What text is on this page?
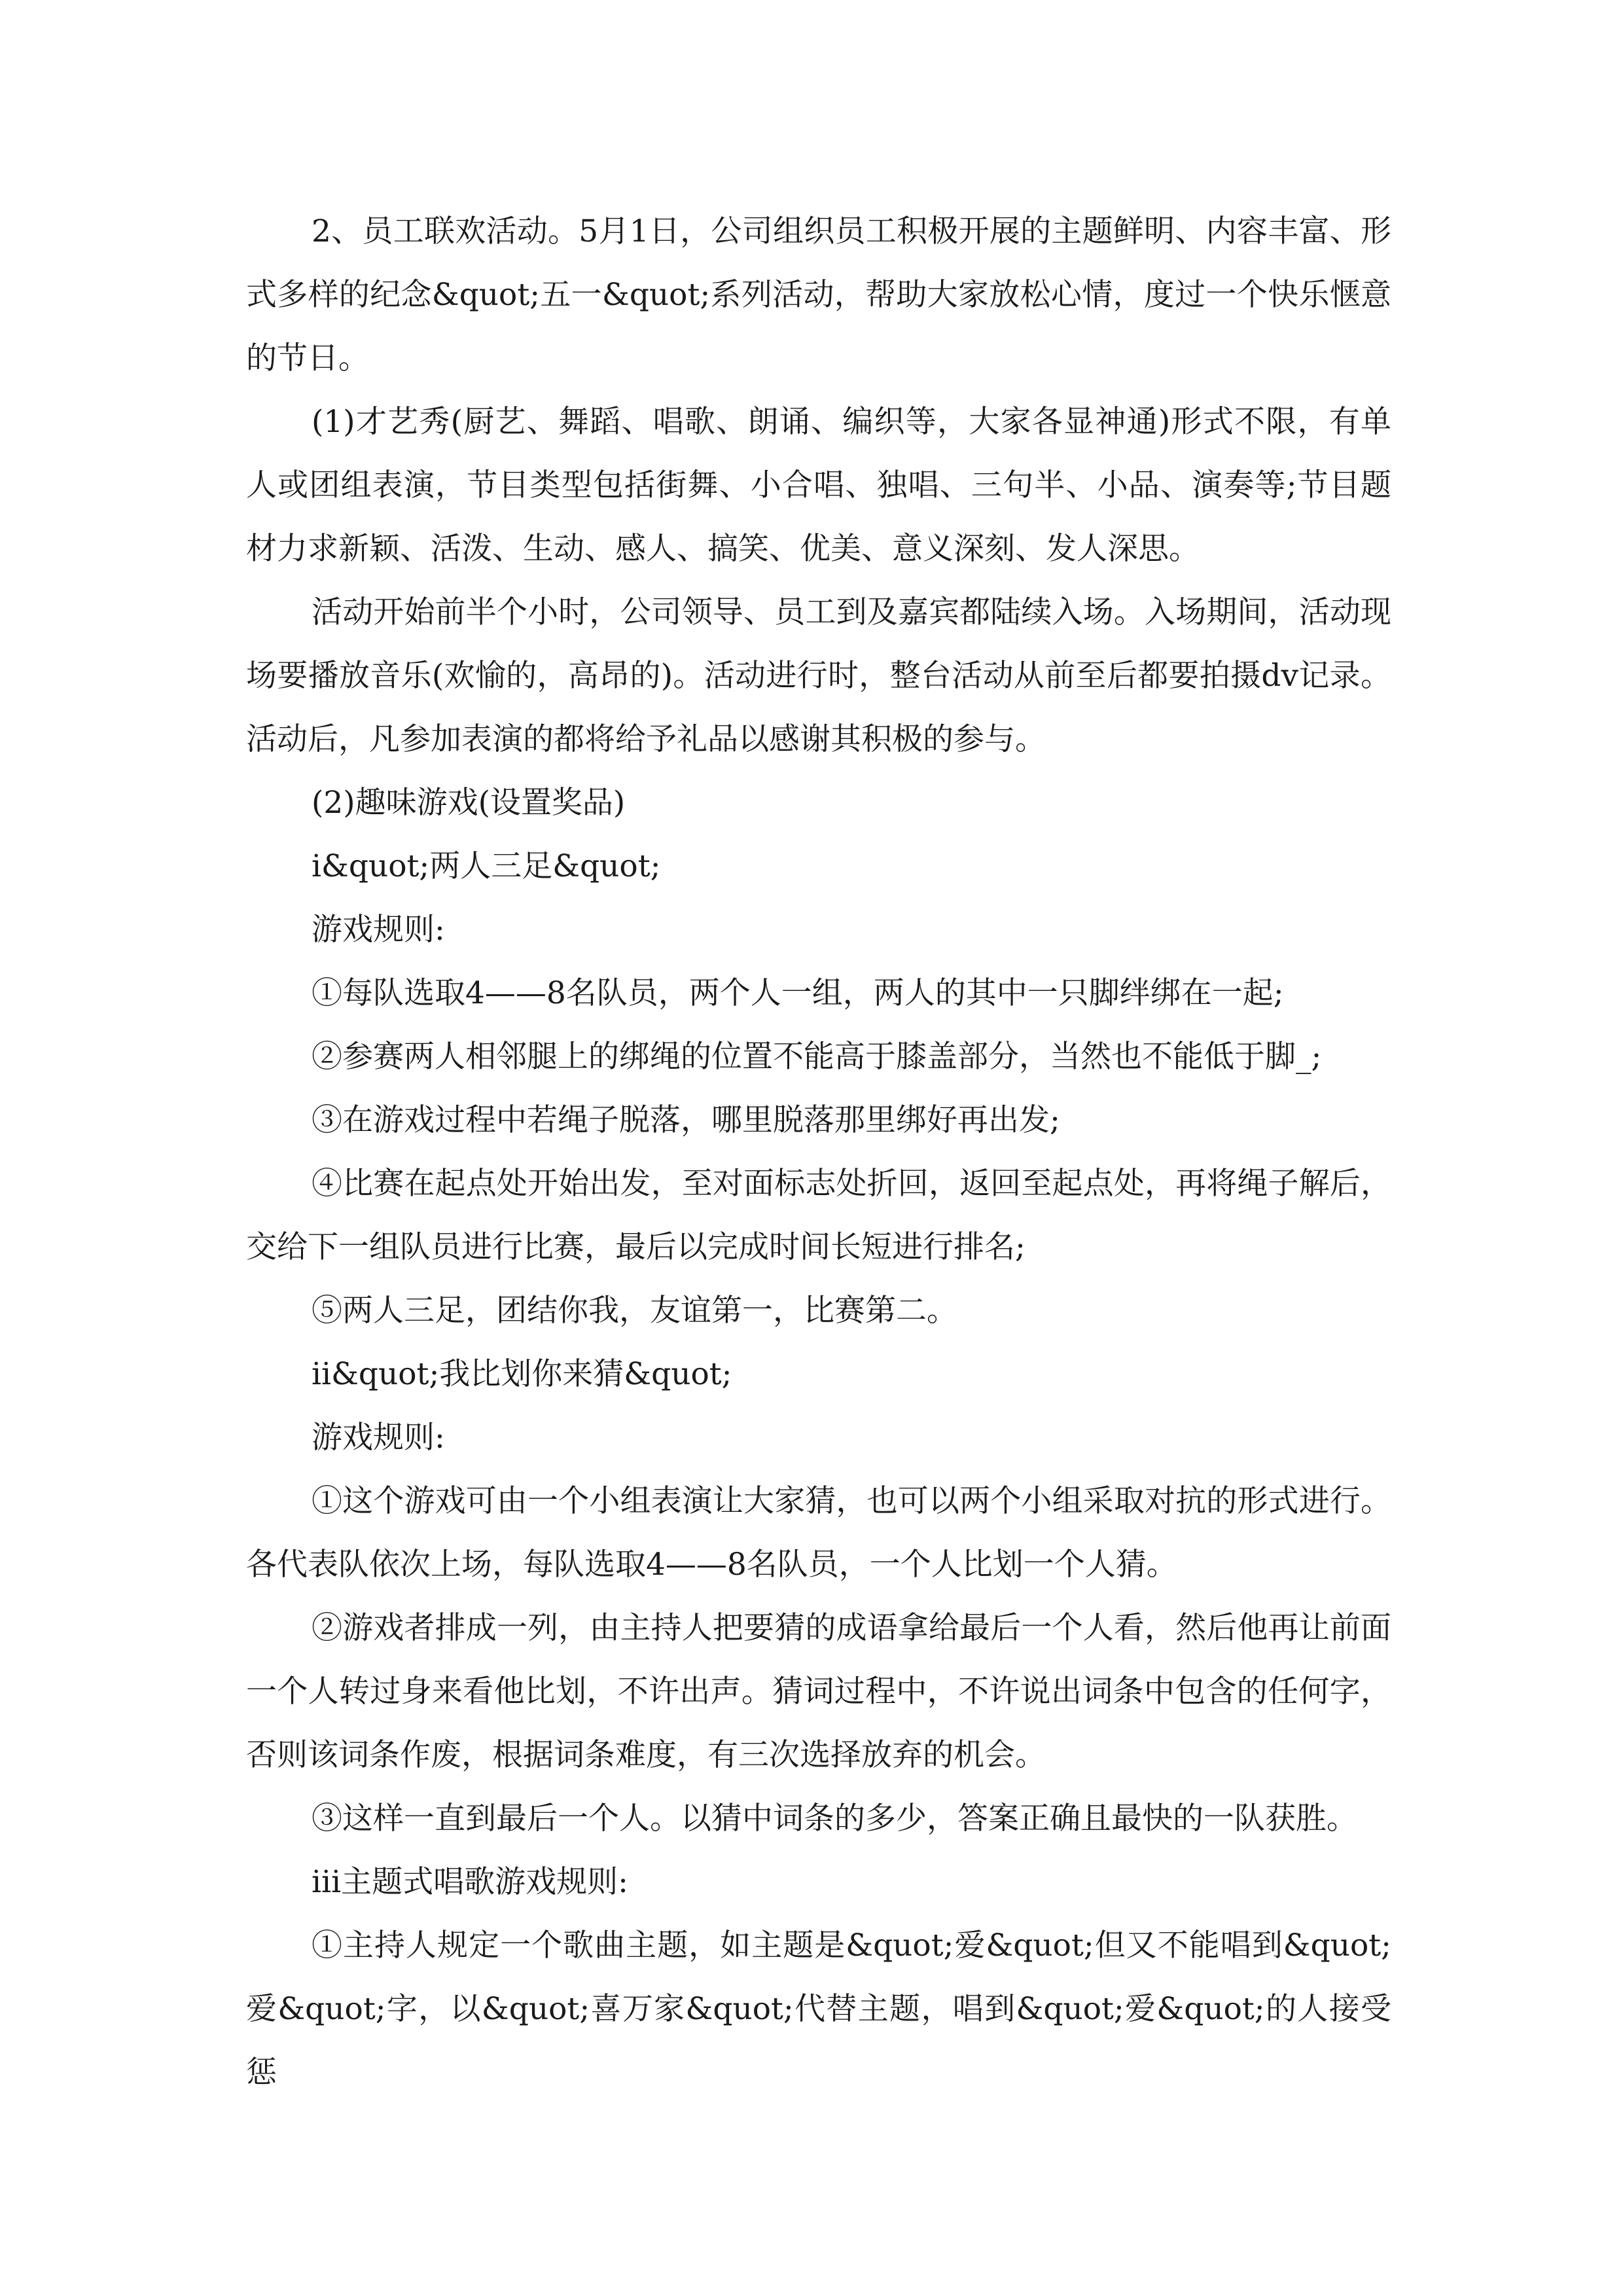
2、员工联欢活动。5月1日，公司组织员工积极开展的主题鲜明、内容丰富、形式多样的纪念&quot;五一&quot;系列活动，帮助大家放松心情，度过一个快乐惬意的节日。

(1)才艺秀(厨艺、舞蹈、唱歌、朗诵、编织等，大家各显神通)形式不限，有单人或团组表演，节目类型包括街舞、小合唱、独唱、三句半、小品、演奏等;节目题材力求新颖、活泼、生动、感人、搞笑、优美、意义深刻、发人深思。

活动开始前半个小时，公司领导、员工到及嘉宾都陆续入场。入场期间，活动现场要播放音乐(欢愉的，高昂的)。活动进行时，整台活动从前至后都要拍摄dv记录。活动后，凡参加表演的都将给予礼品以感谢其积极的参与。

(2)趣味游戏(设置奖品)

ⅰ&quot;两人三足&quot;

游戏规则:

①每队选取4——8名队员，两个人一组，两人的其中一只脚绊绑在一起;

②参赛两人相邻腿上的绑绳的位置不能高于膝盖部分，当然也不能低于脚_;

③在游戏过程中若绳子脱落，哪里脱落那里绑好再出发;

④比赛在起点处开始出发，至对面标志处折回，返回至起点处，再将绳子解后，交给下一组队员进行比赛，最后以完成时间长短进行排名;

⑤两人三足，团结你我，友谊第一，比赛第二。

ⅱ&quot;我比划你来猜&quot;

游戏规则:

①这个游戏可由一个小组表演让大家猜，也可以两个小组采取对抗的形式进行。各代表队依次上场，每队选取4——8名队员，一个人比划一个人猜。

②游戏者排成一列，由主持人把要猜的成语拿给最后一个人看，然后他再让前面一个人转过身来看他比划，不许出声。猜词过程中，不许说出词条中包含的任何字，否则该词条作废，根据词条难度，有三次选择放弃的机会。

③这样一直到最后一个人。以猜中词条的多少，答案正确且最快的一队获胜。

ⅲ主题式唱歌游戏规则:

①主持人规定一个歌曲主题，如主题是&quot;爱&quot;但又不能唱到&quot;爱&quot;字，以&quot;喜万家&quot;代替主题，唱到&quot;爱&quot;的人接受惩
